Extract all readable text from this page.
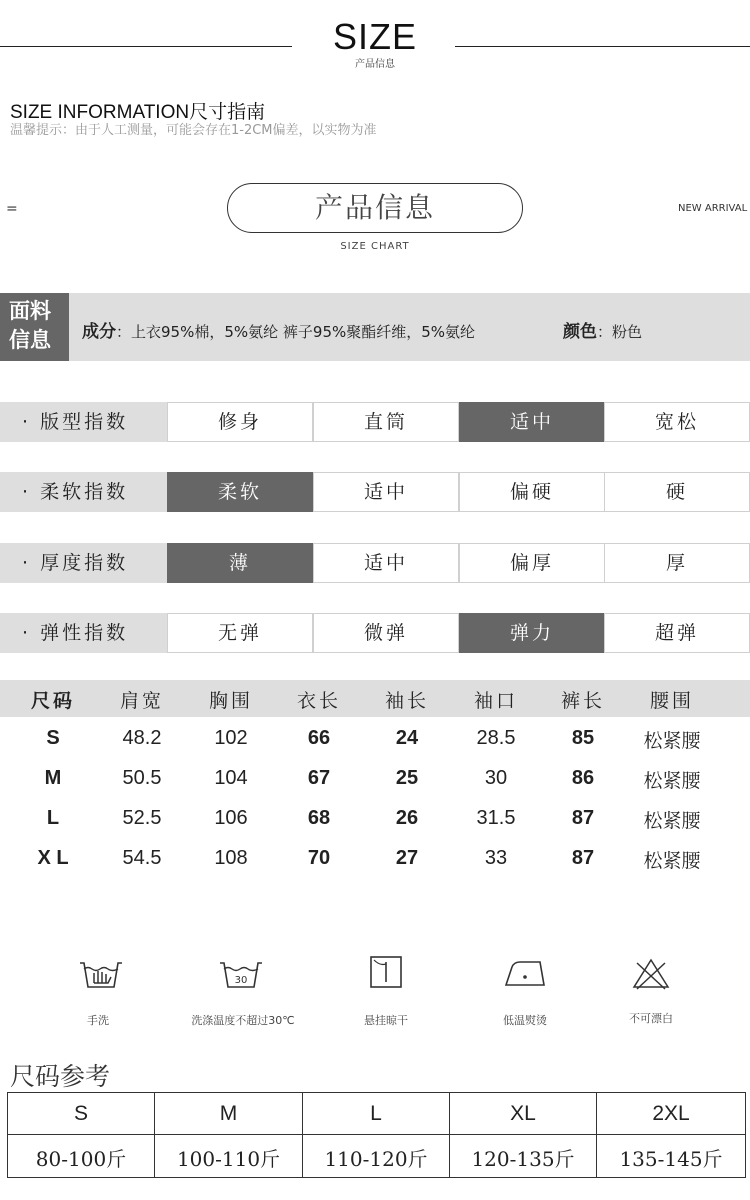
SIZE
产品信息
SIZE INFORMATION尺寸指南
温馨提示：由于人工测量，可能会存在1-2CM偏差，以实物为准
=	产品信息
SIZE CHART
NEW ARRIVAL
面料
信息	成分：上衣95%棉，5%氨纶 裤子95%聚酯纤维，5%氨纶	颜色：粉色
· 版型指数	修身	直筒	适中	宽松
· 柔软指数	柔软	适中	偏硬	硬
· 厚度指数	薄	适中	偏厚	厚
· 弹性指数	无弹	微弹	弹力	超弹
尺码	肩宽	胸围	衣长	袖长	袖口	裤长	腰围
S	48.2	102	66	24	28.5	85	松紧腰
M	50.5	104	67	25	30	86	松紧腰
L	52.5	106	68	26	31.5	87	松紧腰
X L	54.5	108	70	27	33	87	松紧腰
手洗
30
洗涤温度不超过30℃	悬挂晾干	低温熨烫	不可漂白
尺码参考
S	M	L	XL	2XL
80-100斤	100-110斤	110-120斤	120-135斤	135-145斤
